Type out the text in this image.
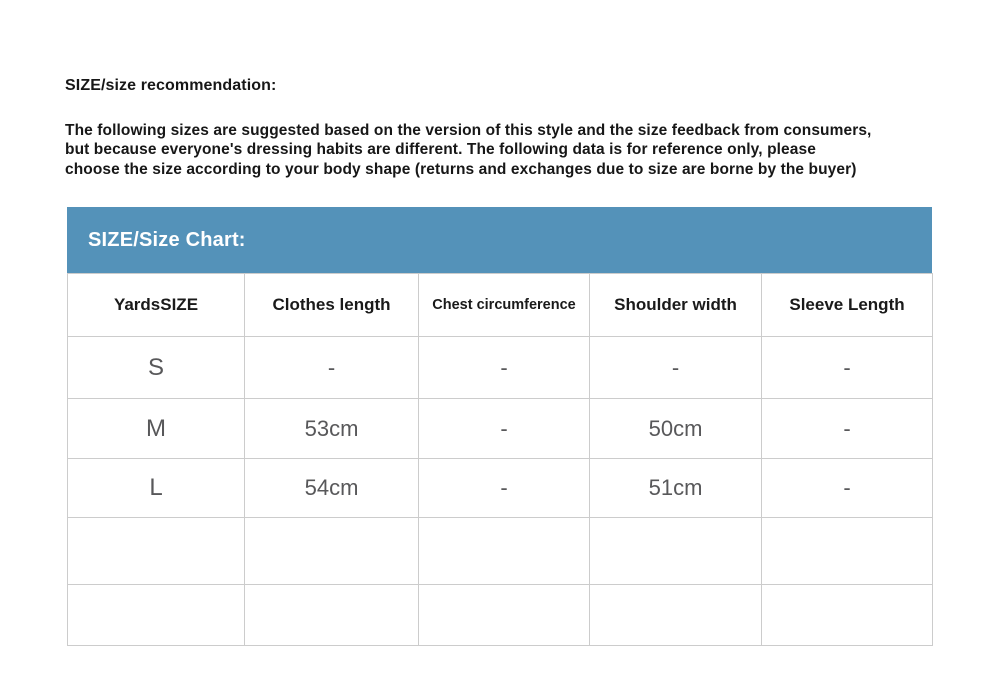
SIZE/size recommendation:
The following sizes are suggested based on the version of this style and the size feedback from consumers,
but because everyone's dressing habits are different. The following data is for reference only, please
choose the size according to your body shape (returns and exchanges due to size are borne by the buyer)
SIZE/Size Chart:
YardsSIZE	Clothes length	Chest circumference	Shoulder width	Sleeve Length
S	-	-	-	-
M	53cm	-	50cm	-
L	54cm	-	51cm	-
